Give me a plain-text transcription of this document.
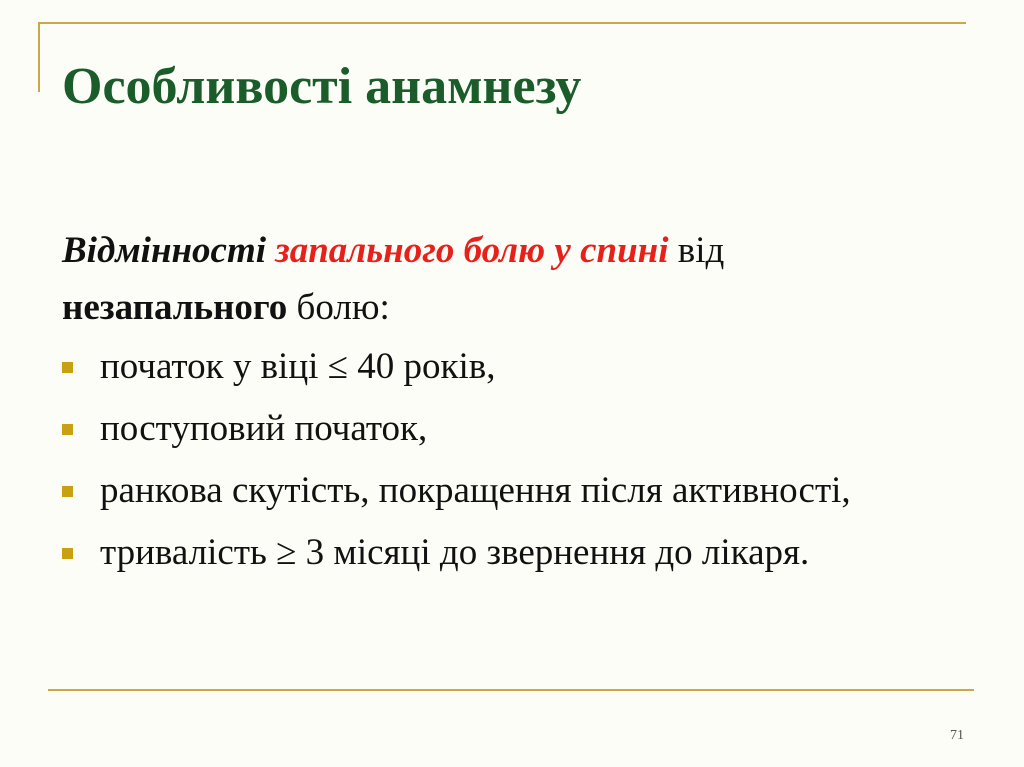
Особливості анамнезу

Відмінності запального болю у спині від
незапального болю:

початок у віці ≤ 40 років,
поступовий початок,
ранкова скутість, покращення після активності,
тривалість ≥ 3 місяці до звернення до лікаря.
71
